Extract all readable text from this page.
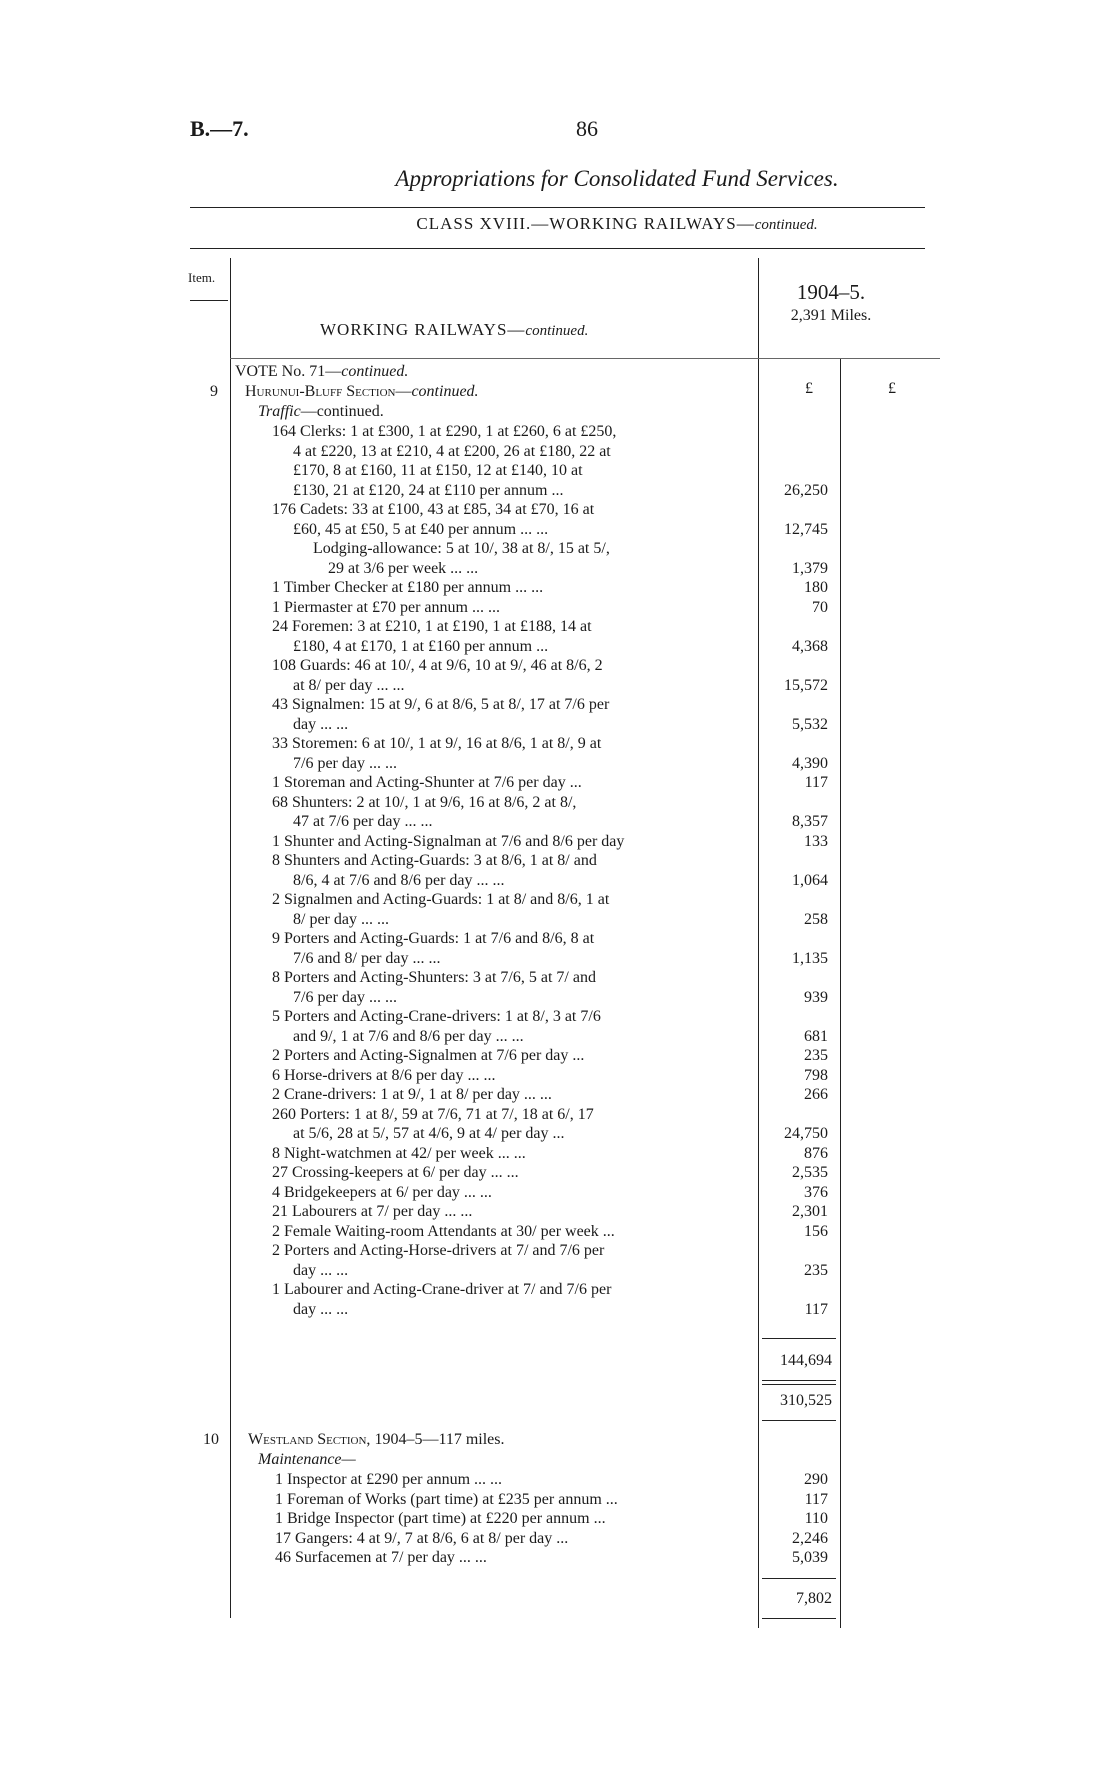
B.—7.	86
Appropriations for Consolidated Fund Services.
CLASS XVIII.—WORKING RAILWAYS—continued.
Item.
1904–5.
2,391 Miles.
WORKING RAILWAYS—continued.
£	£
VOTE No. 71—continued.
9 Hurunui-Bluff Section—continued.
Traffic—continued.
164 Clerks: 1 at £300, 1 at £290, 1 at £260, 6 at £250,
4 at £220, 13 at £210, 4 at £200, 26 at £180, 22 at
£170, 8 at £160, 11 at £150, 12 at £140, 10 at
£130, 21 at £120, 24 at £110 per annum ...
176 Cadets: 33 at £100, 43 at £85, 34 at £70, 16 at
£60, 45 at £50, 5 at £40 per annum ... ...
Lodging-allowance: 5 at 10/, 38 at 8/, 15 at 5/,
29 at 3/6 per week ... ...
1 Timber Checker at £180 per annum ... ...
1 Piermaster at £70 per annum ... ...
24 Foremen: 3 at £210, 1 at £190, 1 at £188, 14 at
£180, 4 at £170, 1 at £160 per annum ...
108 Guards: 46 at 10/, 4 at 9/6, 10 at 9/, 46 at 8/6, 2
at 8/ per day ... ...
43 Signalmen: 15 at 9/, 6 at 8/6, 5 at 8/, 17 at 7/6 per
day ... ...
33 Storemen: 6 at 10/, 1 at 9/, 16 at 8/6, 1 at 8/, 9 at
7/6 per day ... ...
1 Storeman and Acting-Shunter at 7/6 per day ...
68 Shunters: 2 at 10/, 1 at 9/6, 16 at 8/6, 2 at 8/,
47 at 7/6 per day ... ...
1 Shunter and Acting-Signalman at 7/6 and 8/6 per day
8 Shunters and Acting-Guards: 3 at 8/6, 1 at 8/ and
8/6, 4 at 7/6 and 8/6 per day ... ...
2 Signalmen and Acting-Guards: 1 at 8/ and 8/6, 1 at
8/ per day ... ...
9 Porters and Acting-Guards: 1 at 7/6 and 8/6, 8 at
7/6 and 8/ per day ... ...
8 Porters and Acting-Shunters: 3 at 7/6, 5 at 7/ and
7/6 per day ... ...
5 Porters and Acting-Crane-drivers: 1 at 8/, 3 at 7/6
and 9/, 1 at 7/6 and 8/6 per day ... ...
2 Porters and Acting-Signalmen at 7/6 per day ...
6 Horse-drivers at 8/6 per day ... ...
2 Crane-drivers: 1 at 9/, 1 at 8/ per day ... ...
260 Porters: 1 at 8/, 59 at 7/6, 71 at 7/, 18 at 6/, 17
at 5/6, 28 at 5/, 57 at 4/6, 9 at 4/ per day ...
8 Night-watchmen at 42/ per week ... ...
27 Crossing-keepers at 6/ per day ... ...
4 Bridgekeepers at 6/ per day ... ...
21 Labourers at 7/ per day ... ...
2 Female Waiting-room Attendants at 30/ per week ...
2 Porters and Acting-Horse-drivers at 7/ and 7/6 per
day ... ...
1 Labourer and Acting-Crane-driver at 7/ and 7/6 per
day ... ...
26,250
12,745
1,379
180
70
4,368
15,572
5,532
4,390
117
8,357
133
1,064
258
1,135
939
681
235
798
266
24,750
876
2,535
376
2,301
156
235
117
144,694
310,525
10 Westland Section, 1904–5—117 miles.
Maintenance—
1 Inspector at £290 per annum ... ...
1 Foreman of Works (part time) at £235 per annum ...
1 Bridge Inspector (part time) at £220 per annum ...
17 Gangers: 4 at 9/, 7 at 8/6, 6 at 8/ per day ...
46 Surfacemen at 7/ per day ... ...
290
117
110
2,246
5,039
7,802
